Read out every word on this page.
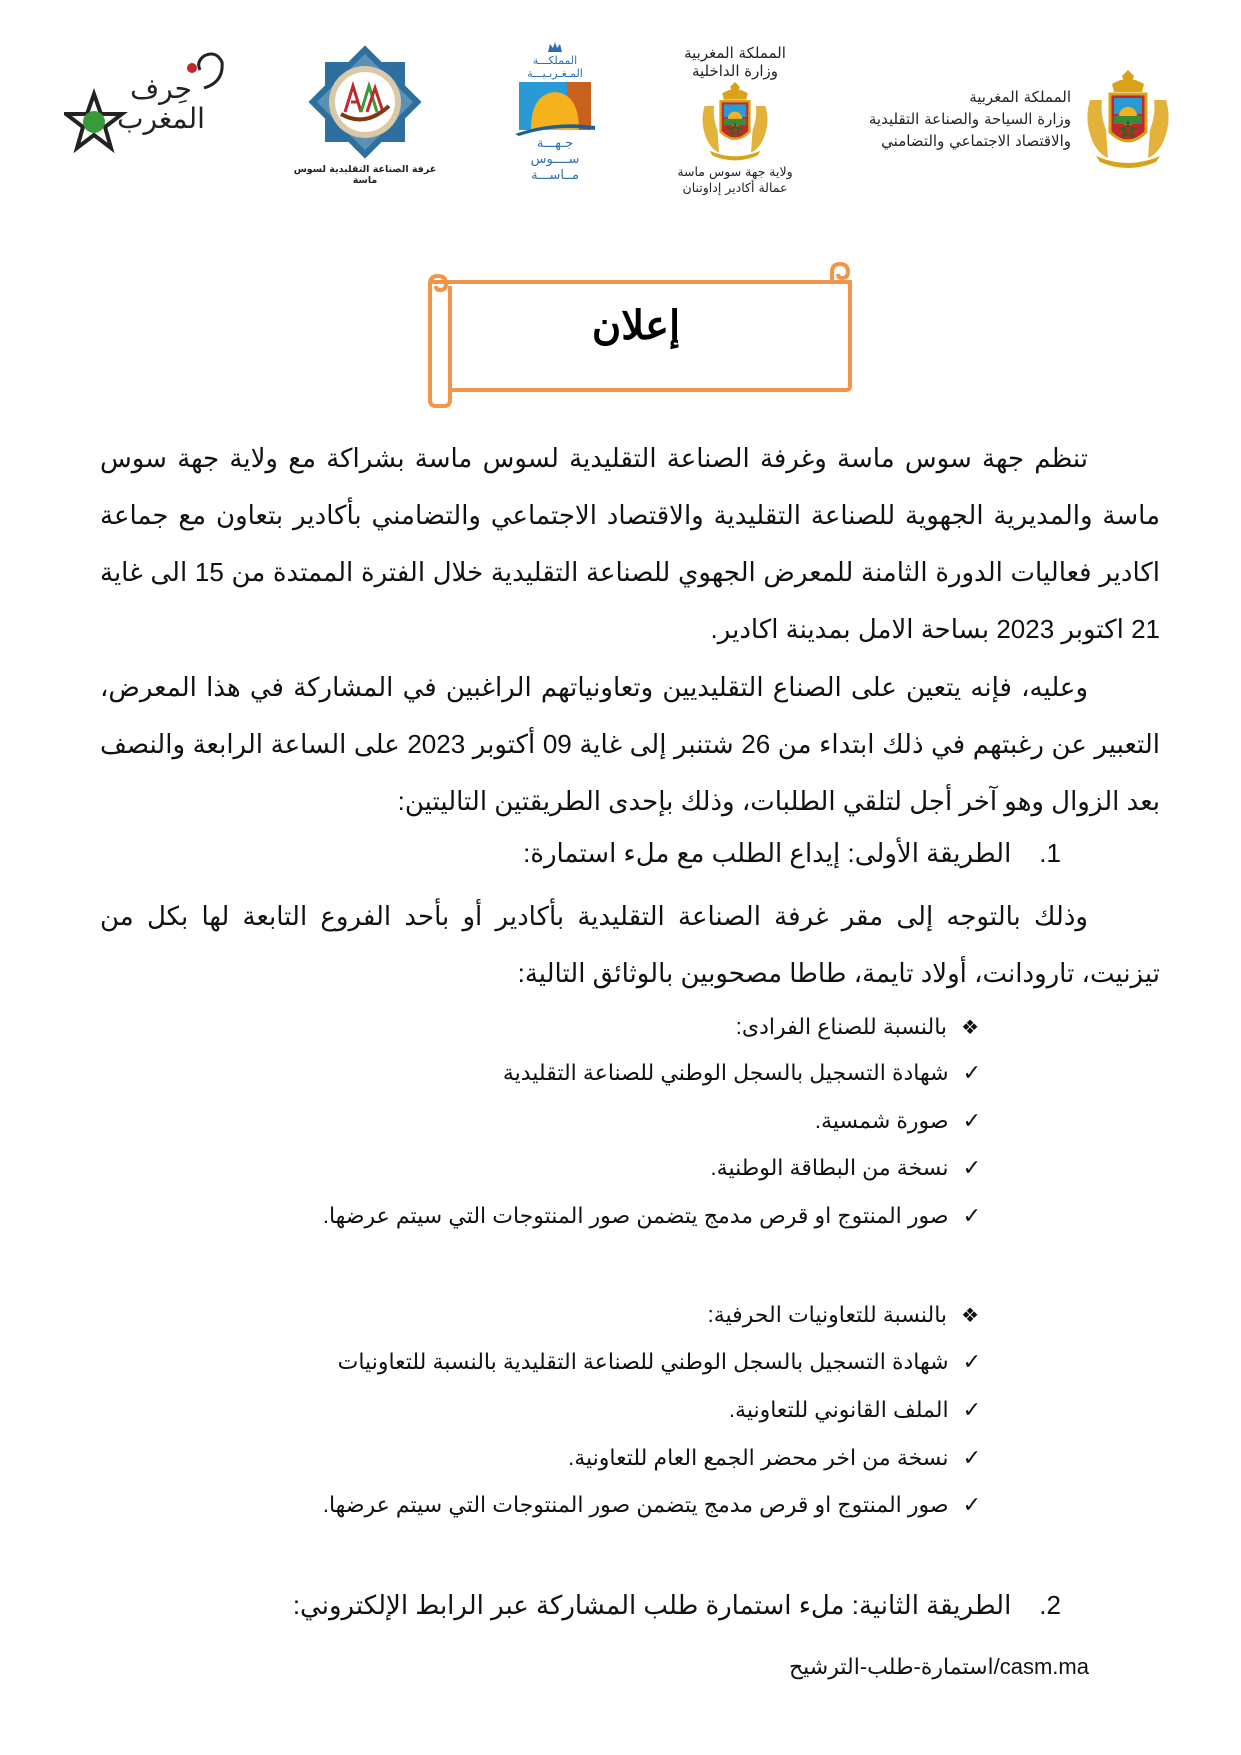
المملكة المغربية
وزارة السياحة والصناعة التقليدية
والاقتصاد الاجتماعي والتضامني
المملكة المغربية
وزارة الداخلية
ولاية جهة سوس ماسة
عمالة أكادير إداوتنان
المملكـــة
المـغـربـيـــة
جـهـــة
ســــوس
مــاســـة
غرفة الصناعة التقليدية لسوس ماسة
حِرف
المغرب
إعلان
تنظم جهة سوس ماسة وغرفة الصناعة التقليدية لسوس ماسة بشراكة مع ولاية جهة سوس ماسة والمديرية الجهوية للصناعة التقليدية والاقتصاد الاجتماعي والتضامني بأكادير بتعاون مع جماعة اكادير فعاليات الدورة الثامنة للمعرض الجهوي للصناعة التقليدية خلال الفترة الممتدة من 15 الى غاية 21 اكتوبر 2023 بساحة الامل بمدينة اكادير.
وعليه، فإنه يتعين على الصناع التقليديين وتعاونياتهم الراغبين في المشاركة في هذا المعرض، التعبير عن رغبتهم في ذلك ابتداء من 26 شتنبر إلى غاية 09 أكتوبر 2023 على الساعة الرابعة والنصف بعد الزوال وهو آخر أجل لتلقي الطلبات، وذلك بإحدى الطريقتين التاليتين:
1.الطريقة الأولى: إيداع الطلب مع ملء استمارة:
وذلك بالتوجه إلى مقر غرفة الصناعة التقليدية بأكادير أو بأحد الفروع التابعة لها بكل من تيزنيت، تارودانت، أولاد تايمة، طاطا مصحوبين بالوثائق التالية:
❖بالنسبة للصناع الفرادى:
✓شهادة التسجيل بالسجل الوطني للصناعة التقليدية
✓صورة شمسية.
✓نسخة من البطاقة الوطنية.
✓صور المنتوج او قرص مدمج يتضمن صور المنتوجات التي سيتم عرضها.
❖بالنسبة للتعاونيات الحرفية:
✓شهادة التسجيل بالسجل الوطني للصناعة التقليدية بالنسبة للتعاونيات
✓الملف القانوني للتعاونية.
✓نسخة من اخر محضر الجمع العام للتعاونية.
✓صور المنتوج او قرص مدمج يتضمن صور المنتوجات التي سيتم عرضها.
2.الطريقة الثانية: ملء استمارة طلب المشاركة عبر الرابط الإلكتروني:
casm.ma/استمارة-طلب-الترشيح
